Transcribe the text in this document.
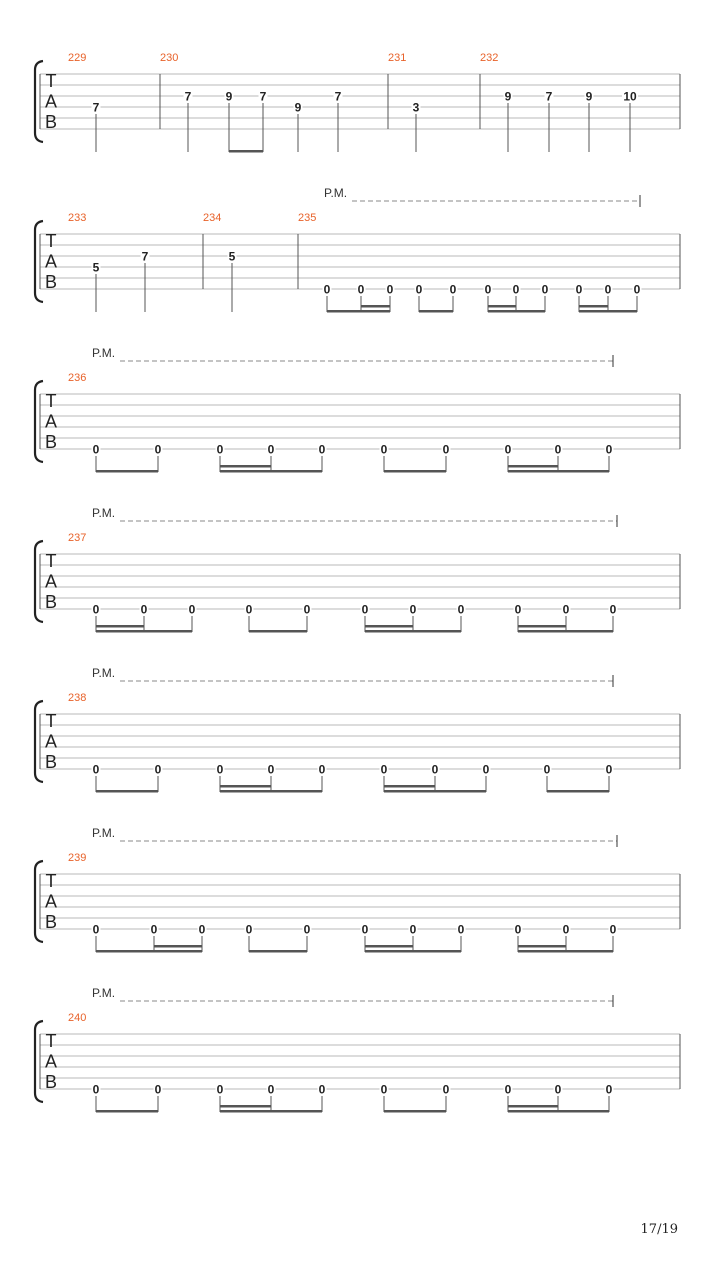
T
A
B
229
7
230
7	9 7
9
7
231
3
232
9	7	9	10
T
A
B
P.M.
233
5
7
234
5
235
0 0 0 0 0 0 0 0 0 0 0
T
A
B
P.M.
236
0	0	0	0	0	0	0	0	0	0
T
A
B
P.M.
237
0	0	0	0	0	0	0	0	0	0	0
T
A
B
P.M.
238
0	0	0	0	0	0	0	0	0	0
T
A
B
P.M.
239
0	0	0	0	0	0	0	0	0	0	0
T
A
B
P.M.
240
0	0	0	0	0	0	0	0	0	0
17/19
